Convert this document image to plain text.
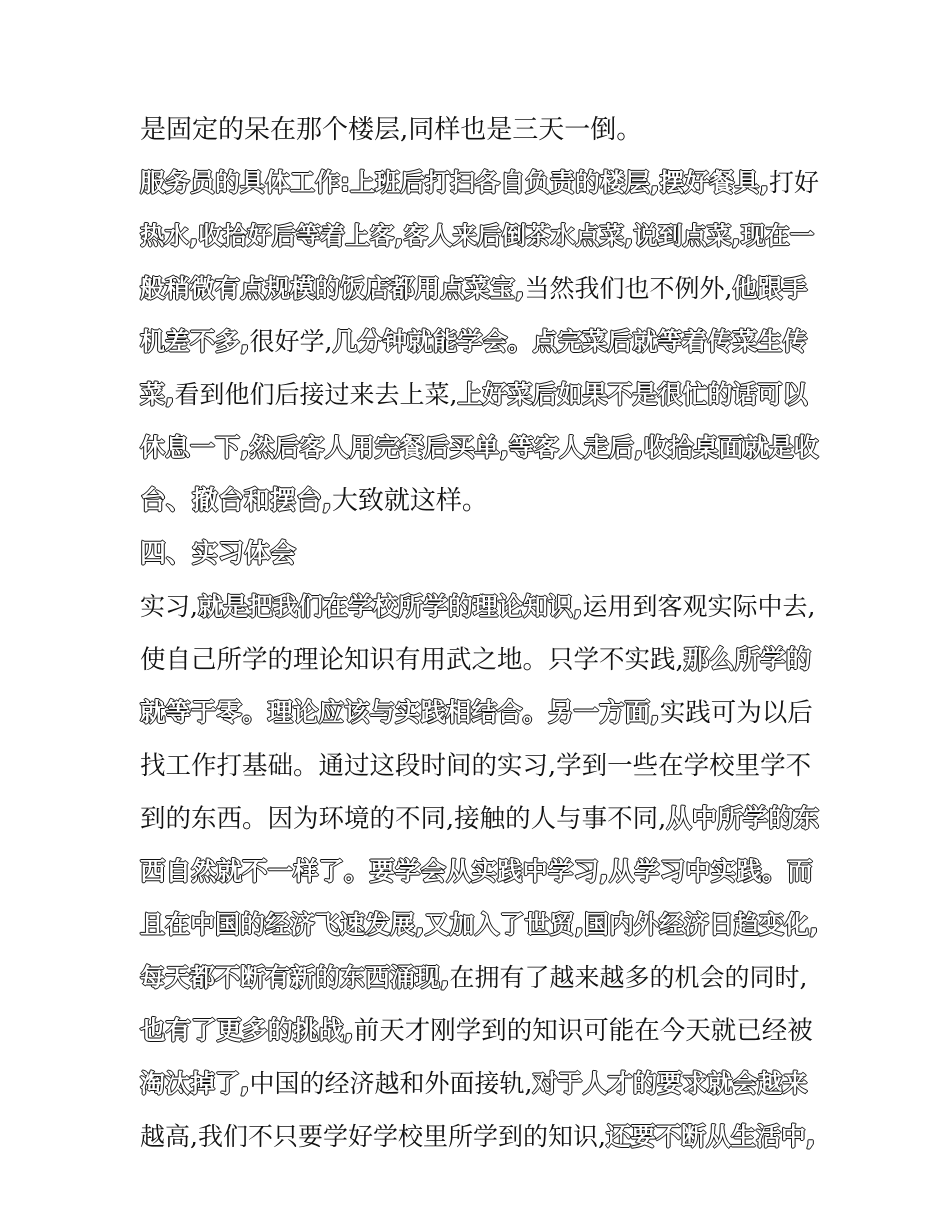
是固定的呆在那个楼层,同样也是三天一倒。
服务员的具体工作:上班后打扫各自负责的楼层,摆好餐具,打好
热水,收拾好后等着上客,客人来后倒茶水点菜,说到点菜,现在一
般稍微有点规模的饭店都用点菜宝,当然我们也不例外,他跟手
机差不多,很好学,几分钟就能学会。点完菜后就等着传菜生传
菜,看到他们后接过来去上菜,上好菜后如果不是很忙的话可以
休息一下,然后客人用完餐后买单,等客人走后,收拾桌面就是收
台、撤台和摆台,大致就这样。
四、实习体会
实习,就是把我们在学校所学的理论知识,运用到客观实际中去,
使自己所学的理论知识有用武之地。只学不实践,那么所学的
就等于零。理论应该与实践相结合。另一方面,实践可为以后
找工作打基础。通过这段时间的实习,学到一些在学校里学不
到的东西。因为环境的不同,接触的人与事不同,从中所学的东
西自然就不一样了。要学会从实践中学习,从学习中实践。而
且在中国的经济飞速发展,又加入了世贸,国内外经济日趋变化,
每天都不断有新的东西涌现,在拥有了越来越多的机会的同时,
也有了更多的挑战,前天才刚学到的知识可能在今天就已经被
淘汰掉了,中国的经济越和外面接轨,对于人才的要求就会越来
越高,我们不只要学好学校里所学到的知识,还要不断从生活中,
